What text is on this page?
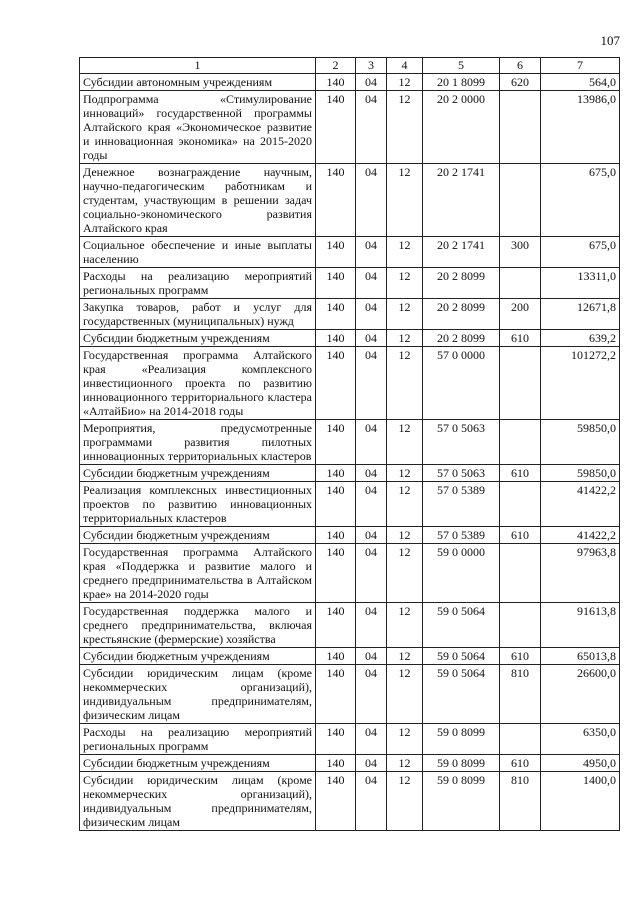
107
1	2	3	4	5	6	7
Субсидии автономным учреждениям	140	04	12	20 1 8099	620	564,0
Подпрограмма «Стимулирование инноваций» государственной программы Алтайского края «Экономическое развитие и инновационная экономика» на 2015-2020 годы	140	04	12	20 2 0000		13986,0
Денежное вознаграждение научным, научно-педагогическим работникам и студентам, участвующим в решении задач социально-экономического развития Алтайского края	140	04	12	20 2 1741		675,0
Социальное обеспечение и иные выплаты населению	140	04	12	20 2 1741	300	675,0
Расходы на реализацию мероприятий региональных программ	140	04	12	20 2 8099		13311,0
Закупка товаров, работ и услуг для государственных (муниципальных) нужд	140	04	12	20 2 8099	200	12671,8
Субсидии бюджетным учреждениям	140	04	12	20 2 8099	610	639,2
Государственная программа Алтайского края «Реализация комплексного инвестиционного проекта по развитию инновационного территориального кластера «АлтайБио» на 2014-2018 годы	140	04	12	57 0 0000		101272,2
Мероприятия, предусмотренные программами развития пилотных инновационных территориальных кластеров	140	04	12	57 0 5063		59850,0
Субсидии бюджетным учреждениям	140	04	12	57 0 5063	610	59850,0
Реализация комплексных инвестиционных проектов по развитию инновационных территориальных кластеров	140	04	12	57 0 5389		41422,2
Субсидии бюджетным учреждениям	140	04	12	57 0 5389	610	41422,2
Государственная программа Алтайского края «Поддержка и развитие малого и среднего предпринимательства в Алтайском крае» на 2014-2020 годы	140	04	12	59 0 0000		97963,8
Государственная поддержка малого и среднего предпринимательства, включая крестьянские (фермерские) хозяйства	140	04	12	59 0 5064		91613,8
Субсидии бюджетным учреждениям	140	04	12	59 0 5064	610	65013,8
Субсидии юридическим лицам (кроме некоммерческих организаций), индивидуальным предпринимателям, физическим лицам	140	04	12	59 0 5064	810	26600,0
Расходы на реализацию мероприятий региональных программ	140	04	12	59 0 8099		6350,0
Субсидии бюджетным учреждениям	140	04	12	59 0 8099	610	4950,0
Субсидии юридическим лицам (кроме некоммерческих организаций), индивидуальным предпринимателям, физическим лицам	140	04	12	59 0 8099	810	1400,0
